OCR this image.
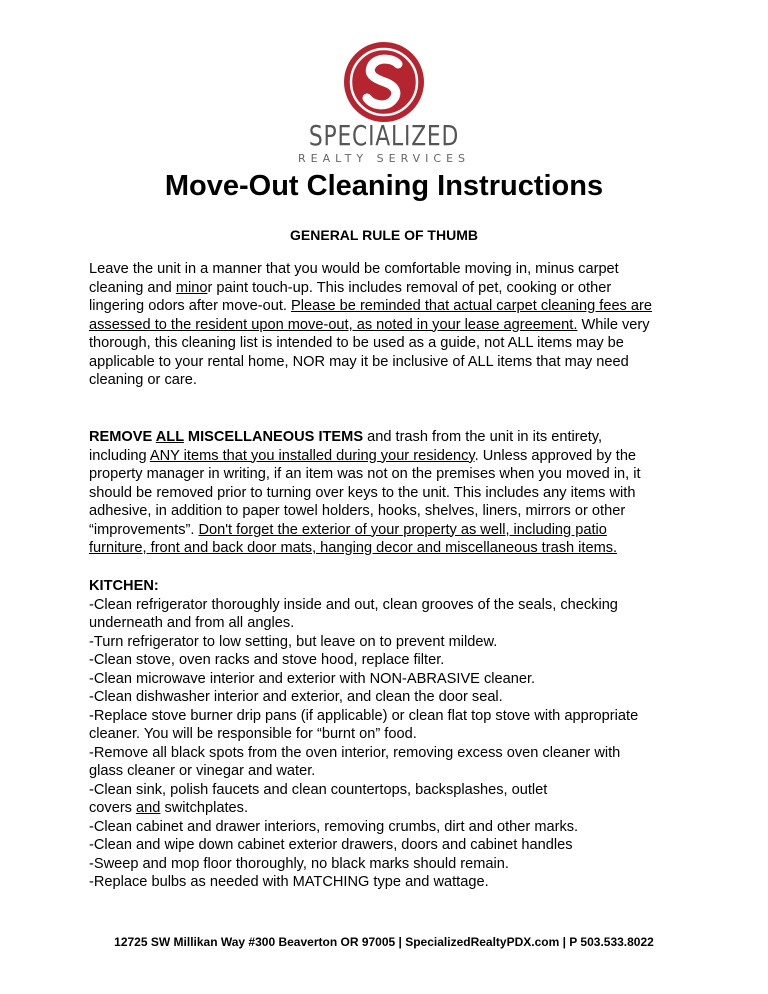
SPECIALIZED
REALTY SERVICES
Move-Out Cleaning Instructions
GENERAL RULE OF THUMB

Leave the unit in a manner that you would be comfortable moving in, minus carpet
cleaning and minor paint touch-up. This includes removal of pet, cooking or other
lingering odors after move-out. Please be reminded that actual carpet cleaning fees are
assessed to the resident upon move-out, as noted in your lease agreement. While very
thorough, this cleaning list is intended to be used as a guide, not ALL items may be
applicable to your rental home, NOR may it be inclusive of ALL items that may need
cleaning or care.

REMOVE ALL MISCELLANEOUS ITEMS and trash from the unit in its entirety,
including ANY items that you installed during your residency. Unless approved by the
property manager in writing, if an item was not on the premises when you moved in, it
should be removed prior to turning over keys to the unit. This includes any items with
adhesive, in addition to paper towel holders, hooks, shelves, liners, mirrors or other
“improvements”. Don't forget the exterior of your property as well, including patio
furniture, front and back door mats, hanging decor and miscellaneous trash items.

KITCHEN:
-Clean refrigerator thoroughly inside and out, clean grooves of the seals, checking
underneath and from all angles.
-Turn refrigerator to low setting, but leave on to prevent mildew.
-Clean stove, oven racks and stove hood, replace filter.
-Clean microwave interior and exterior with NON-ABRASIVE cleaner.
-Clean dishwasher interior and exterior, and clean the door seal.
-Replace stove burner drip pans (if applicable) or clean flat top stove with appropriate
cleaner. You will be responsible for “burnt on” food.
-Remove all black spots from the oven interior, removing excess oven cleaner with
glass cleaner or vinegar and water.
-Clean sink, polish faucets and clean countertops, backsplashes, outlet
covers and switchplates.
-Clean cabinet and drawer interiors, removing crumbs, dirt and other marks.
-Clean and wipe down cabinet exterior drawers, doors and cabinet handles
-Sweep and mop floor thoroughly, no black marks should remain.
-Replace bulbs as needed with MATCHING type and wattage.

12725 SW Millikan Way #300 Beaverton OR 97005 | SpecializedRealtyPDX.com | P 503.533.8022
